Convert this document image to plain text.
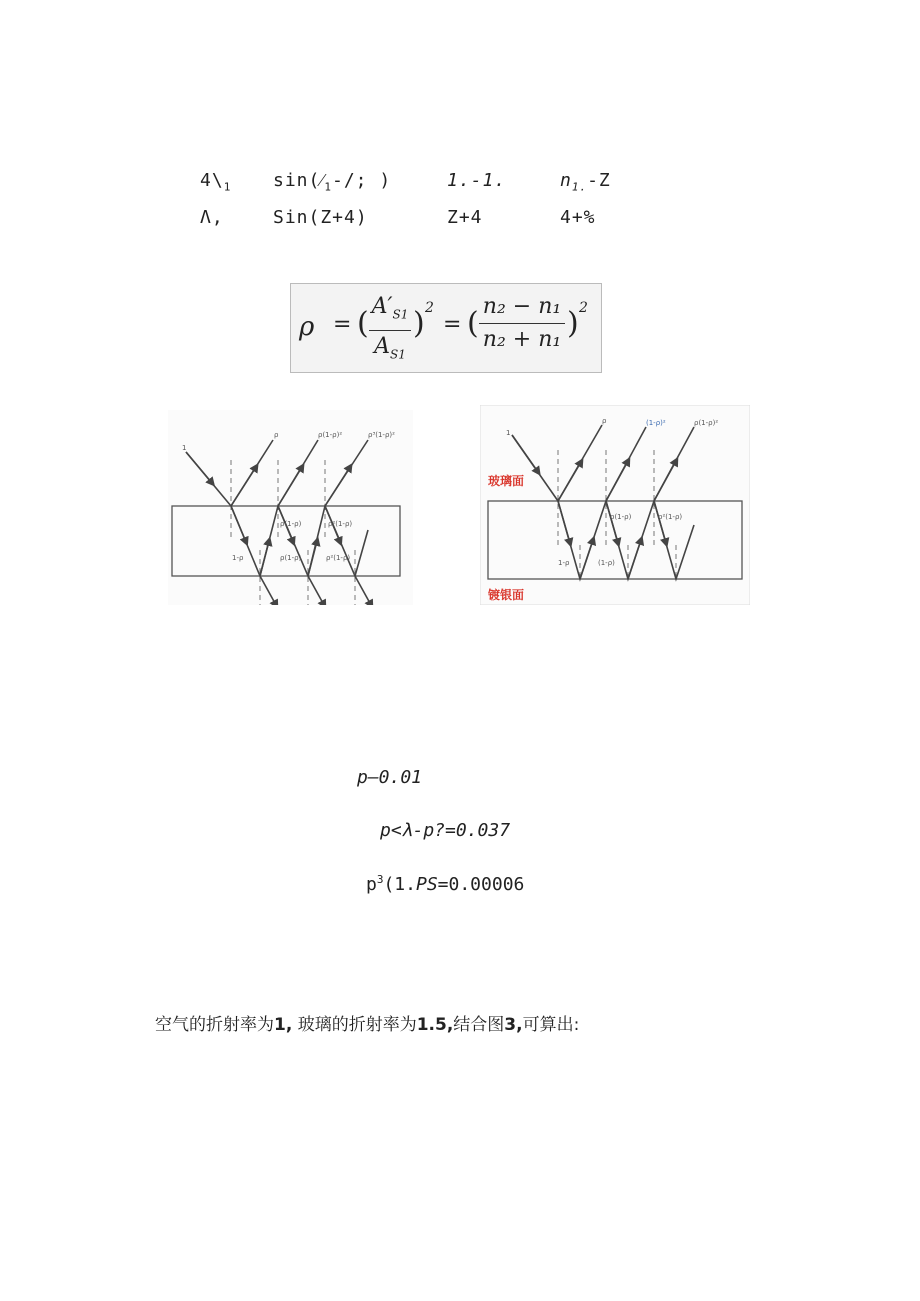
$4\backslash_1$ $\sin(⁄_1-/$; )	1.-1.	$n_{1.}-Z$
Λ,	Sin(Z+4)	Z+4	4+%
ρ = ( $A'_{S1}$
$A_{S1}$
) 2
= ( n₂ − n₁
n₂ + n₁ ) 2
1
ρ	ρ(1-ρ)²	ρ³(1-ρ)²
ρ(1-ρ)	ρ²(1-ρ)
1-ρ	ρ(1-ρ)	ρ²(1-ρ)
1
ρ	(1-ρ)²	ρ(1-ρ)²
ρ(1-ρ)	ρ²(1-ρ)
1-ρ	(1-ρ)
玻璃面
镀银面
p—0.01
p<λ-p?=0.037
$p^3(1.PS=0.00006$
空气的折射率为1, 玻璃的折射率为1.5,结合图3,可算出:
